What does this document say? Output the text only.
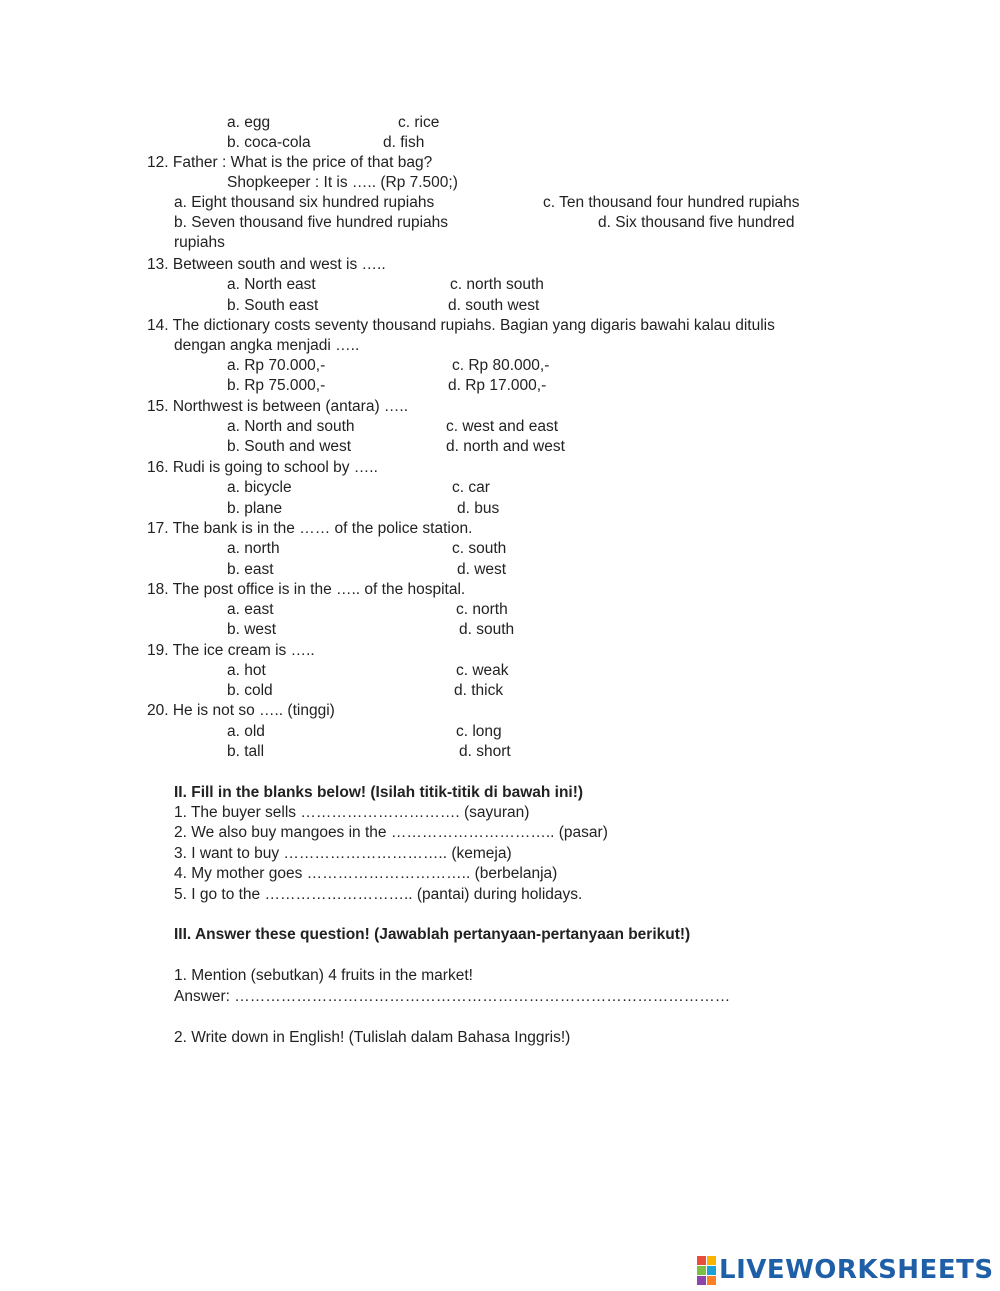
a. egg	c. rice
b. coca-cola	d. fish
12. Father : What is the price of that bag?
Shopkeeper : It is ….. (Rp 7.500;)
a. Eight thousand six hundred rupiahs	c. Ten thousand four hundred rupiahs
b. Seven thousand five hundred rupiahs	d. Six thousand five hundred
rupiahs
13. Between south and west is …..
a. North east	c. north south
b. South east	d. south west
14. The dictionary costs seventy thousand rupiahs. Bagian yang digaris bawahi kalau ditulis
dengan angka menjadi …..
a. Rp 70.000,-	c. Rp 80.000,-
b. Rp 75.000,-	d. Rp 17.000,-
15. Northwest is between (antara) …..
a. North and south	c. west and east
b. South and west	d. north and west
16. Rudi is going to school by …..
a. bicycle	c. car
b. plane	d. bus
17. The bank is in the …… of the police station.
a. north	c. south
b. east	d. west
18. The post office is in the ….. of the hospital.
a. east	c. north
b. west	d. south
19. The ice cream is …..
a. hot	c. weak
b. cold	d. thick
20. He is not so ….. (tinggi)
a. old	c. long
b. tall	d. short
II. Fill in the blanks below! (Isilah titik-titik di bawah ini!)
1. The buyer sells …………………………. (sayuran)
2. We also buy mangoes in the ………………………….. (pasar)
3. I want to buy ………………………….. (kemeja)
4. My mother goes ………………………….. (berbelanja)
5. I go to the ……………………….. (pantai) during holidays.
III. Answer these question! (Jawablah pertanyaan-pertanyaan berikut!)
1. Mention (sebutkan) 4 fruits in the market!
Answer: ……………………………………………………………………………………
2. Write down in English! (Tulislah dalam Bahasa Inggris!)
LIVEWORKSHEETS
